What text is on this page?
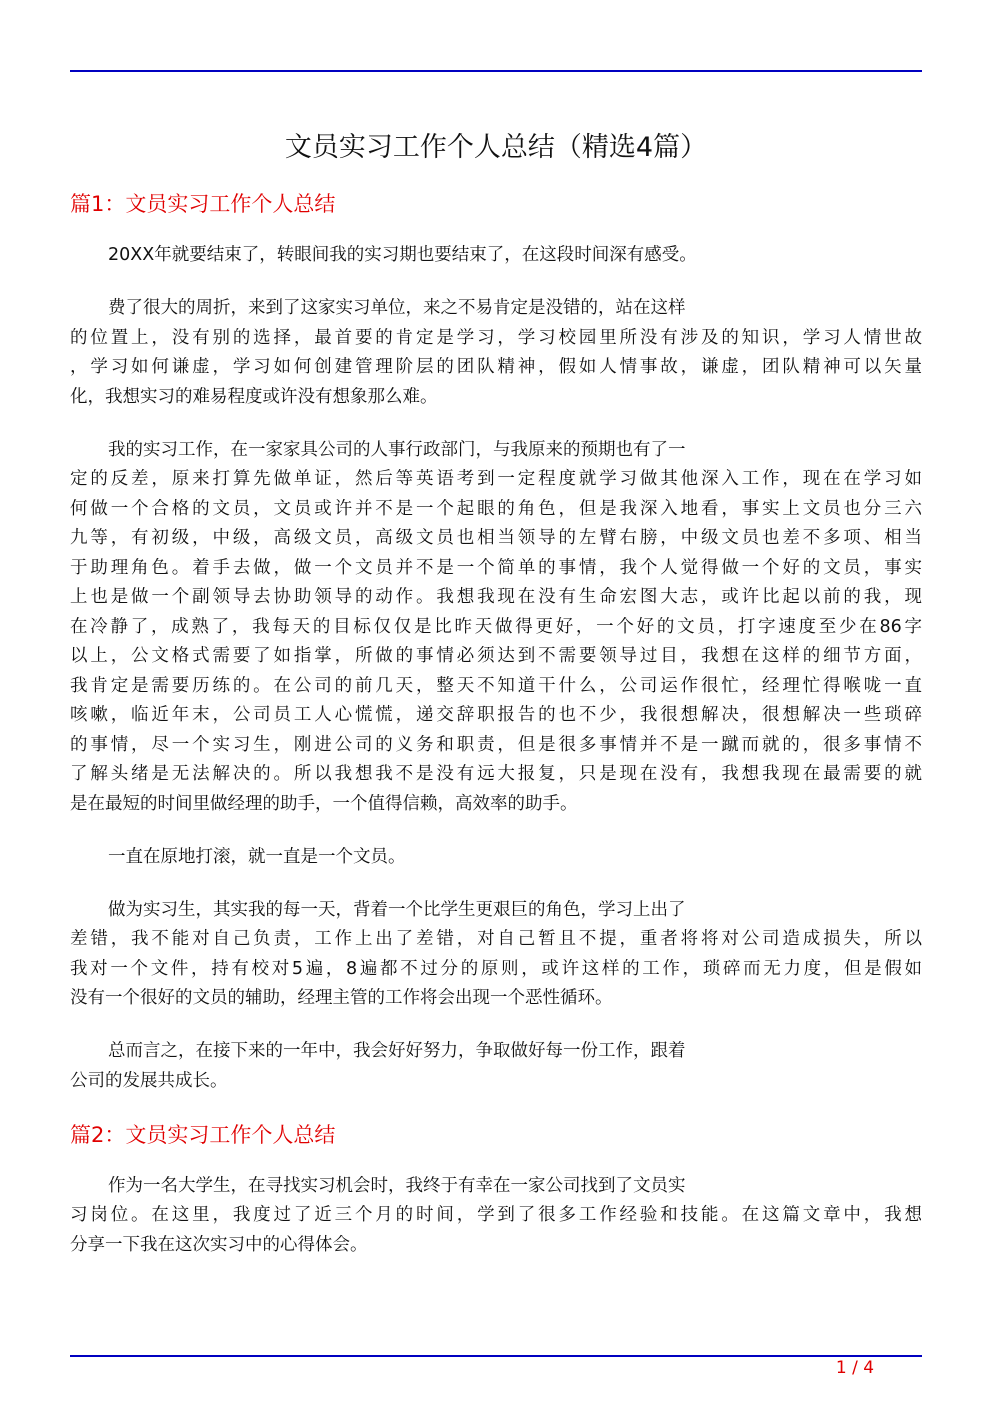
文员实习工作个人总结（精选4篇）
篇1：文员实习工作个人总结
20XX年就要结束了，转眼间我的实习期也要结束了，在这段时间深有感受。
费了很大的周折，来到了这家实习单位，来之不易肯定是没错的，站在这样
的位置上，没有别的选择，最首要的肯定是学习，学习校园里所没有涉及的知识，学习人情世故
，学习如何谦虚，学习如何创建管理阶层的团队精神，假如人情事故，谦虚，团队精神可以矢量
化，我想实习的难易程度或许没有想象那么难。
我的实习工作，在一家家具公司的人事行政部门，与我原来的预期也有了一
定的反差，原来打算先做单证，然后等英语考到一定程度就学习做其他深入工作，现在在学习如
何做一个合格的文员，文员或许并不是一个起眼的角色，但是我深入地看，事实上文员也分三六
九等，有初级，中级，高级文员，高级文员也相当领导的左臂右膀，中级文员也差不多项、相当
于助理角色。着手去做，做一个文员并不是一个简单的事情，我个人觉得做一个好的文员，事实
上也是做一个副领导去协助领导的动作。我想我现在没有生命宏图大志，或许比起以前的我，现
在冷静了，成熟了，我每天的目标仅仅是比昨天做得更好，一个好的文员，打字速度至少在86字
以上，公文格式需要了如指掌，所做的事情必须达到不需要领导过目，我想在这样的细节方面，
我肯定是需要历练的。在公司的前几天，整天不知道干什么，公司运作很忙，经理忙得喉咙一直
咳嗽，临近年末，公司员工人心慌慌，递交辞职报告的也不少，我很想解决，很想解决一些琐碎
的事情，尽一个实习生，刚进公司的义务和职责，但是很多事情并不是一蹴而就的，很多事情不
了解头绪是无法解决的。所以我想我不是没有远大报复，只是现在没有，我想我现在最需要的就
是在最短的时间里做经理的助手，一个值得信赖，高效率的助手。
一直在原地打滚，就一直是一个文员。
做为实习生，其实我的每一天，背着一个比学生更艰巨的角色，学习上出了
差错，我不能对自己负责，工作上出了差错，对自己暂且不提，重者将将对公司造成损失，所以
我对一个文件，持有校对5遍，8遍都不过分的原则，或许这样的工作，琐碎而无力度，但是假如
没有一个很好的文员的辅助，经理主管的工作将会出现一个恶性循环。
总而言之，在接下来的一年中，我会好好努力，争取做好每一份工作，跟着
公司的发展共成长。
篇2：文员实习工作个人总结
作为一名大学生，在寻找实习机会时，我终于有幸在一家公司找到了文员实
习岗位。在这里，我度过了近三个月的时间，学到了很多工作经验和技能。在这篇文章中，我想
分享一下我在这次实习中的心得体会。
1 / 4
